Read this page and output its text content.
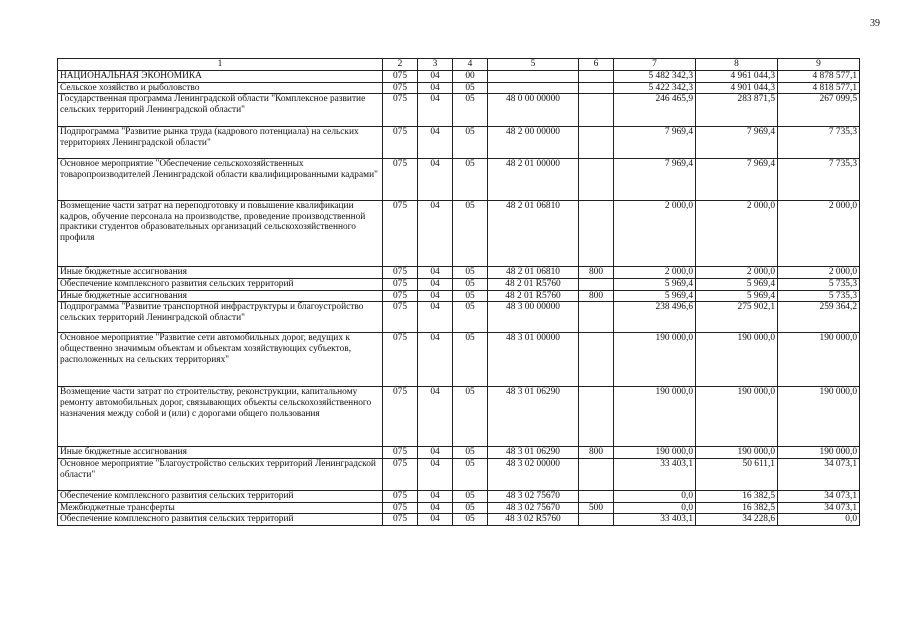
39
1	2	3	4	5	6	7	8	9
НАЦИОНАЛЬНАЯ ЭКОНОМИКА	075	04	00			5 482 342,3	4 961 044,3	4 878 577,1
Сельское хозяйство и рыболовство	075	04	05			5 422 342,3	4 901 044,3	4 818 577,1
Государственная программа Ленинградской области "Комплексное развитие сельских территорий Ленинградской области"	075	04	05	48 0 00 00000		246 465,9	283 871,5	267 099,5
Подпрограмма "Развитие рынка труда (кадрового потенциала) на сельских территориях Ленинградской области"	075	04	05	48 2 00 00000		7 969,4	7 969,4	7 735,3
Основное мероприятие "Обеспечение сельскохозяйственных товаропроизводителей Ленинградской области квалифицированными кадрами"	075	04	05	48 2 01 00000		7 969,4	7 969,4	7 735,3
Возмещение части затрат на переподготовку и повышение квалификации кадров, обучение персонала на производстве, проведение производственной практики студентов образовательных организаций сельскохозяйственного профиля	075	04	05	48 2 01 06810		2 000,0	2 000,0	2 000,0
Иные бюджетные ассигнования	075	04	05	48 2 01 06810	800	2 000,0	2 000,0	2 000,0
Обеспечение комплексного развития сельских территорий	075	04	05	48 2 01 R5760		5 969,4	5 969,4	5 735,3
Иные бюджетные ассигнования	075	04	05	48 2 01 R5760	800	5 969,4	5 969,4	5 735,3
Подпрограмма "Развитие транспортной инфраструктуры и благоустройство сельских территорий Ленинградской области"	075	04	05	48 3 00 00000		238 496,6	275 902,1	259 364,2
Основное мероприятие "Развитие сети автомобильных дорог, ведущих к общественно значимым объектам и объектам хозяйствующих субъектов, расположенных на сельских территориях"	075	04	05	48 3 01 00000		190 000,0	190 000,0	190 000,0
Возмещение части затрат по строительству, реконструкции, капитальному ремонту автомобильных дорог, связывающих объекты сельскохозяйственного назначения между собой и (или) с дорогами общего пользования	075	04	05	48 3 01 06290		190 000,0	190 000,0	190 000,0
Иные бюджетные ассигнования	075	04	05	48 3 01 06290	800	190 000,0	190 000,0	190 000,0
Основное мероприятие "Благоустройство сельских территорий Ленинградской области"	075	04	05	48 3 02 00000		33 403,1	50 611,1	34 073,1
Обеспечение комплексного развития сельских территорий	075	04	05	48 3 02 75670		0,0	16 382,5	34 073,1
Межбюджетные трансферты	075	04	05	48 3 02 75670	500	0,0	16 382,5	34 073,1
Обеспечение комплексного развития сельских территорий	075	04	05	48 3 02 R5760		33 403,1	34 228,6	0,0
